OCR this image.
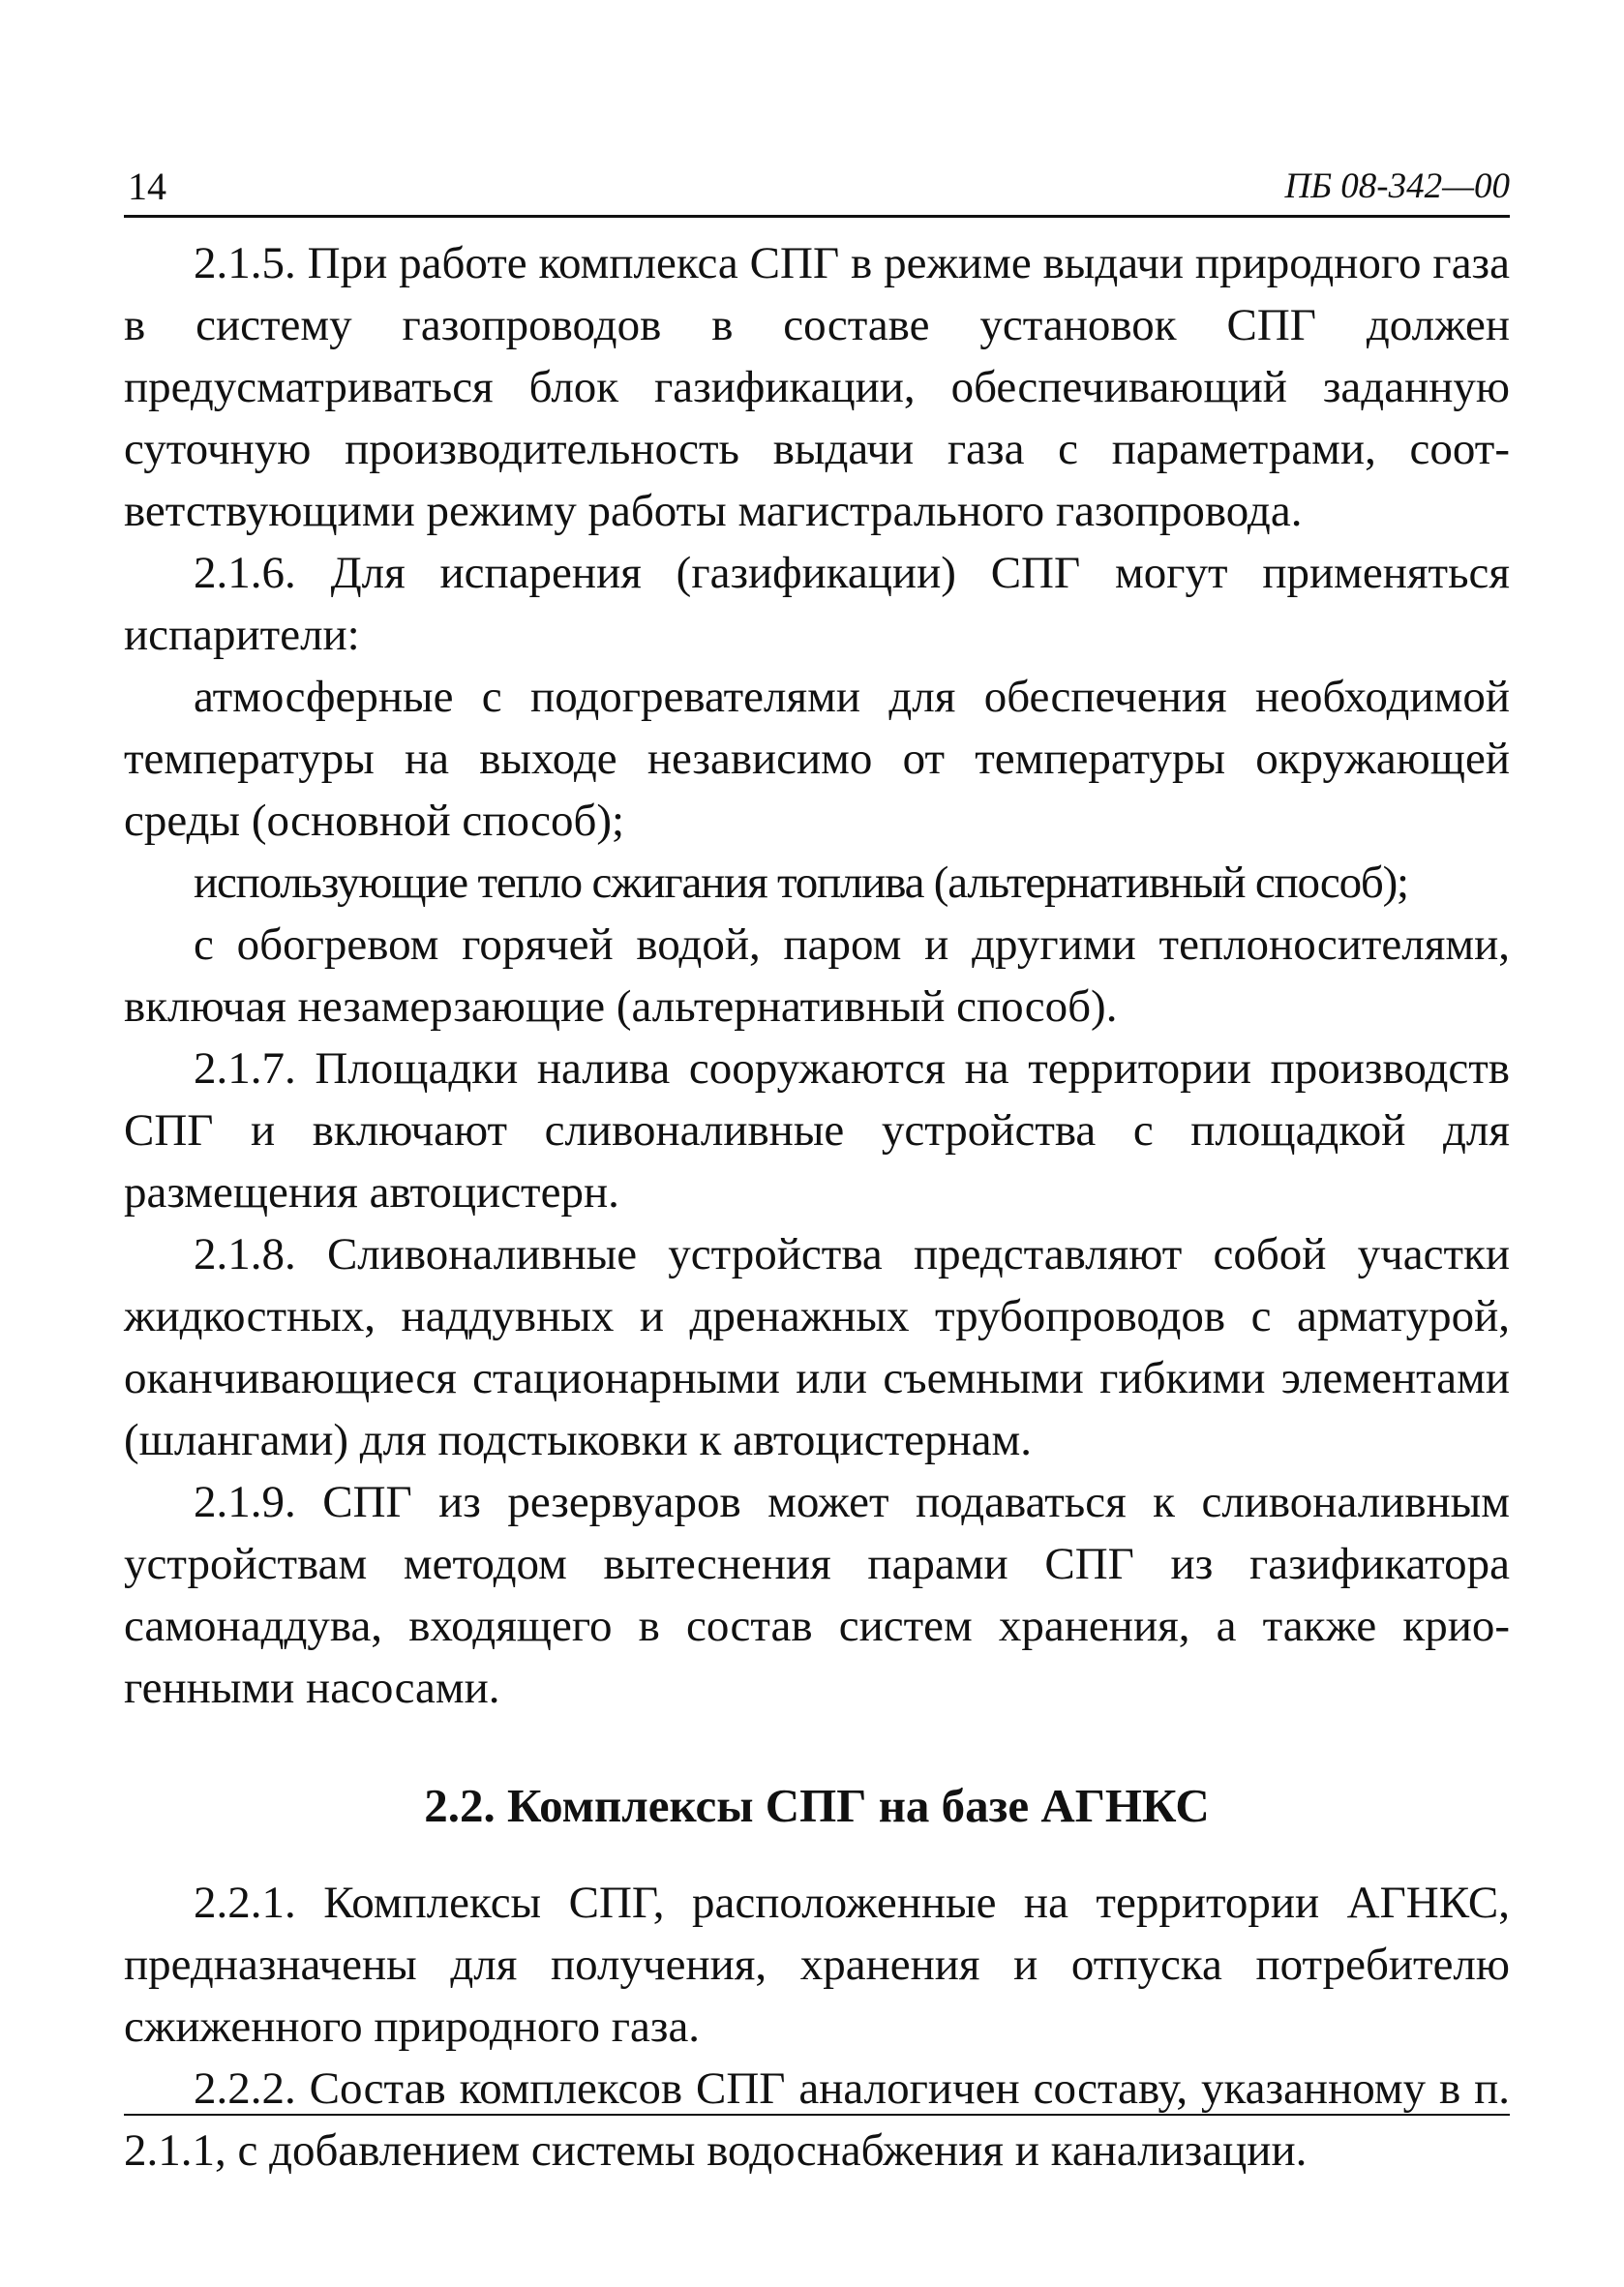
14	ПБ 08-342—00

2.1.5. При работе комплекса СПГ в режиме выдачи природного газа в систему газопроводов в составе установок СПГ должен предусматриваться блок газификации, обеспечивающий заданную суточную производительность выдачи газа с параметрами, соответствующими режиму работы магистрального газопровода.

2.1.6. Для испарения (газификации) СПГ могут применяться испарители:

атмосферные с подогревателями для обеспечения необходимой температуры на выходе независимо от температуры окружающей среды (основной способ);

использующие тепло сжигания топлива (альтернативный способ);

с обогревом горячей водой, паром и другими теплоносителями, включая незамерзающие (альтернативный способ).

2.1.7. Площадки налива сооружаются на территории производств СПГ и включают сливоналивные устройства с площадкой для размещения автоцистерн.

2.1.8. Сливоналивные устройства представляют собой участки жидкостных, наддувных и дренажных трубопроводов с арматурой, оканчивающиеся стационарными или съемными гибкими элементами (шлангами) для подстыковки к автоцистернам.

2.1.9. СПГ из резервуаров может подаваться к сливоналивным устройствам методом вытеснения парами СПГ из газификатора самонаддува, входящего в состав систем хранения, а также криогенными насосами.

2.2. Комплексы СПГ на базе АГНКС

2.2.1. Комплексы СПГ, расположенные на территории АГНКС, предназначены для получения, хранения и отпуска потребителю сжиженного природного газа.

2.2.2. Состав комплексов СПГ аналогичен составу, указанному в п. 2.1.1, с добавлением системы водоснабжения и канализации.
